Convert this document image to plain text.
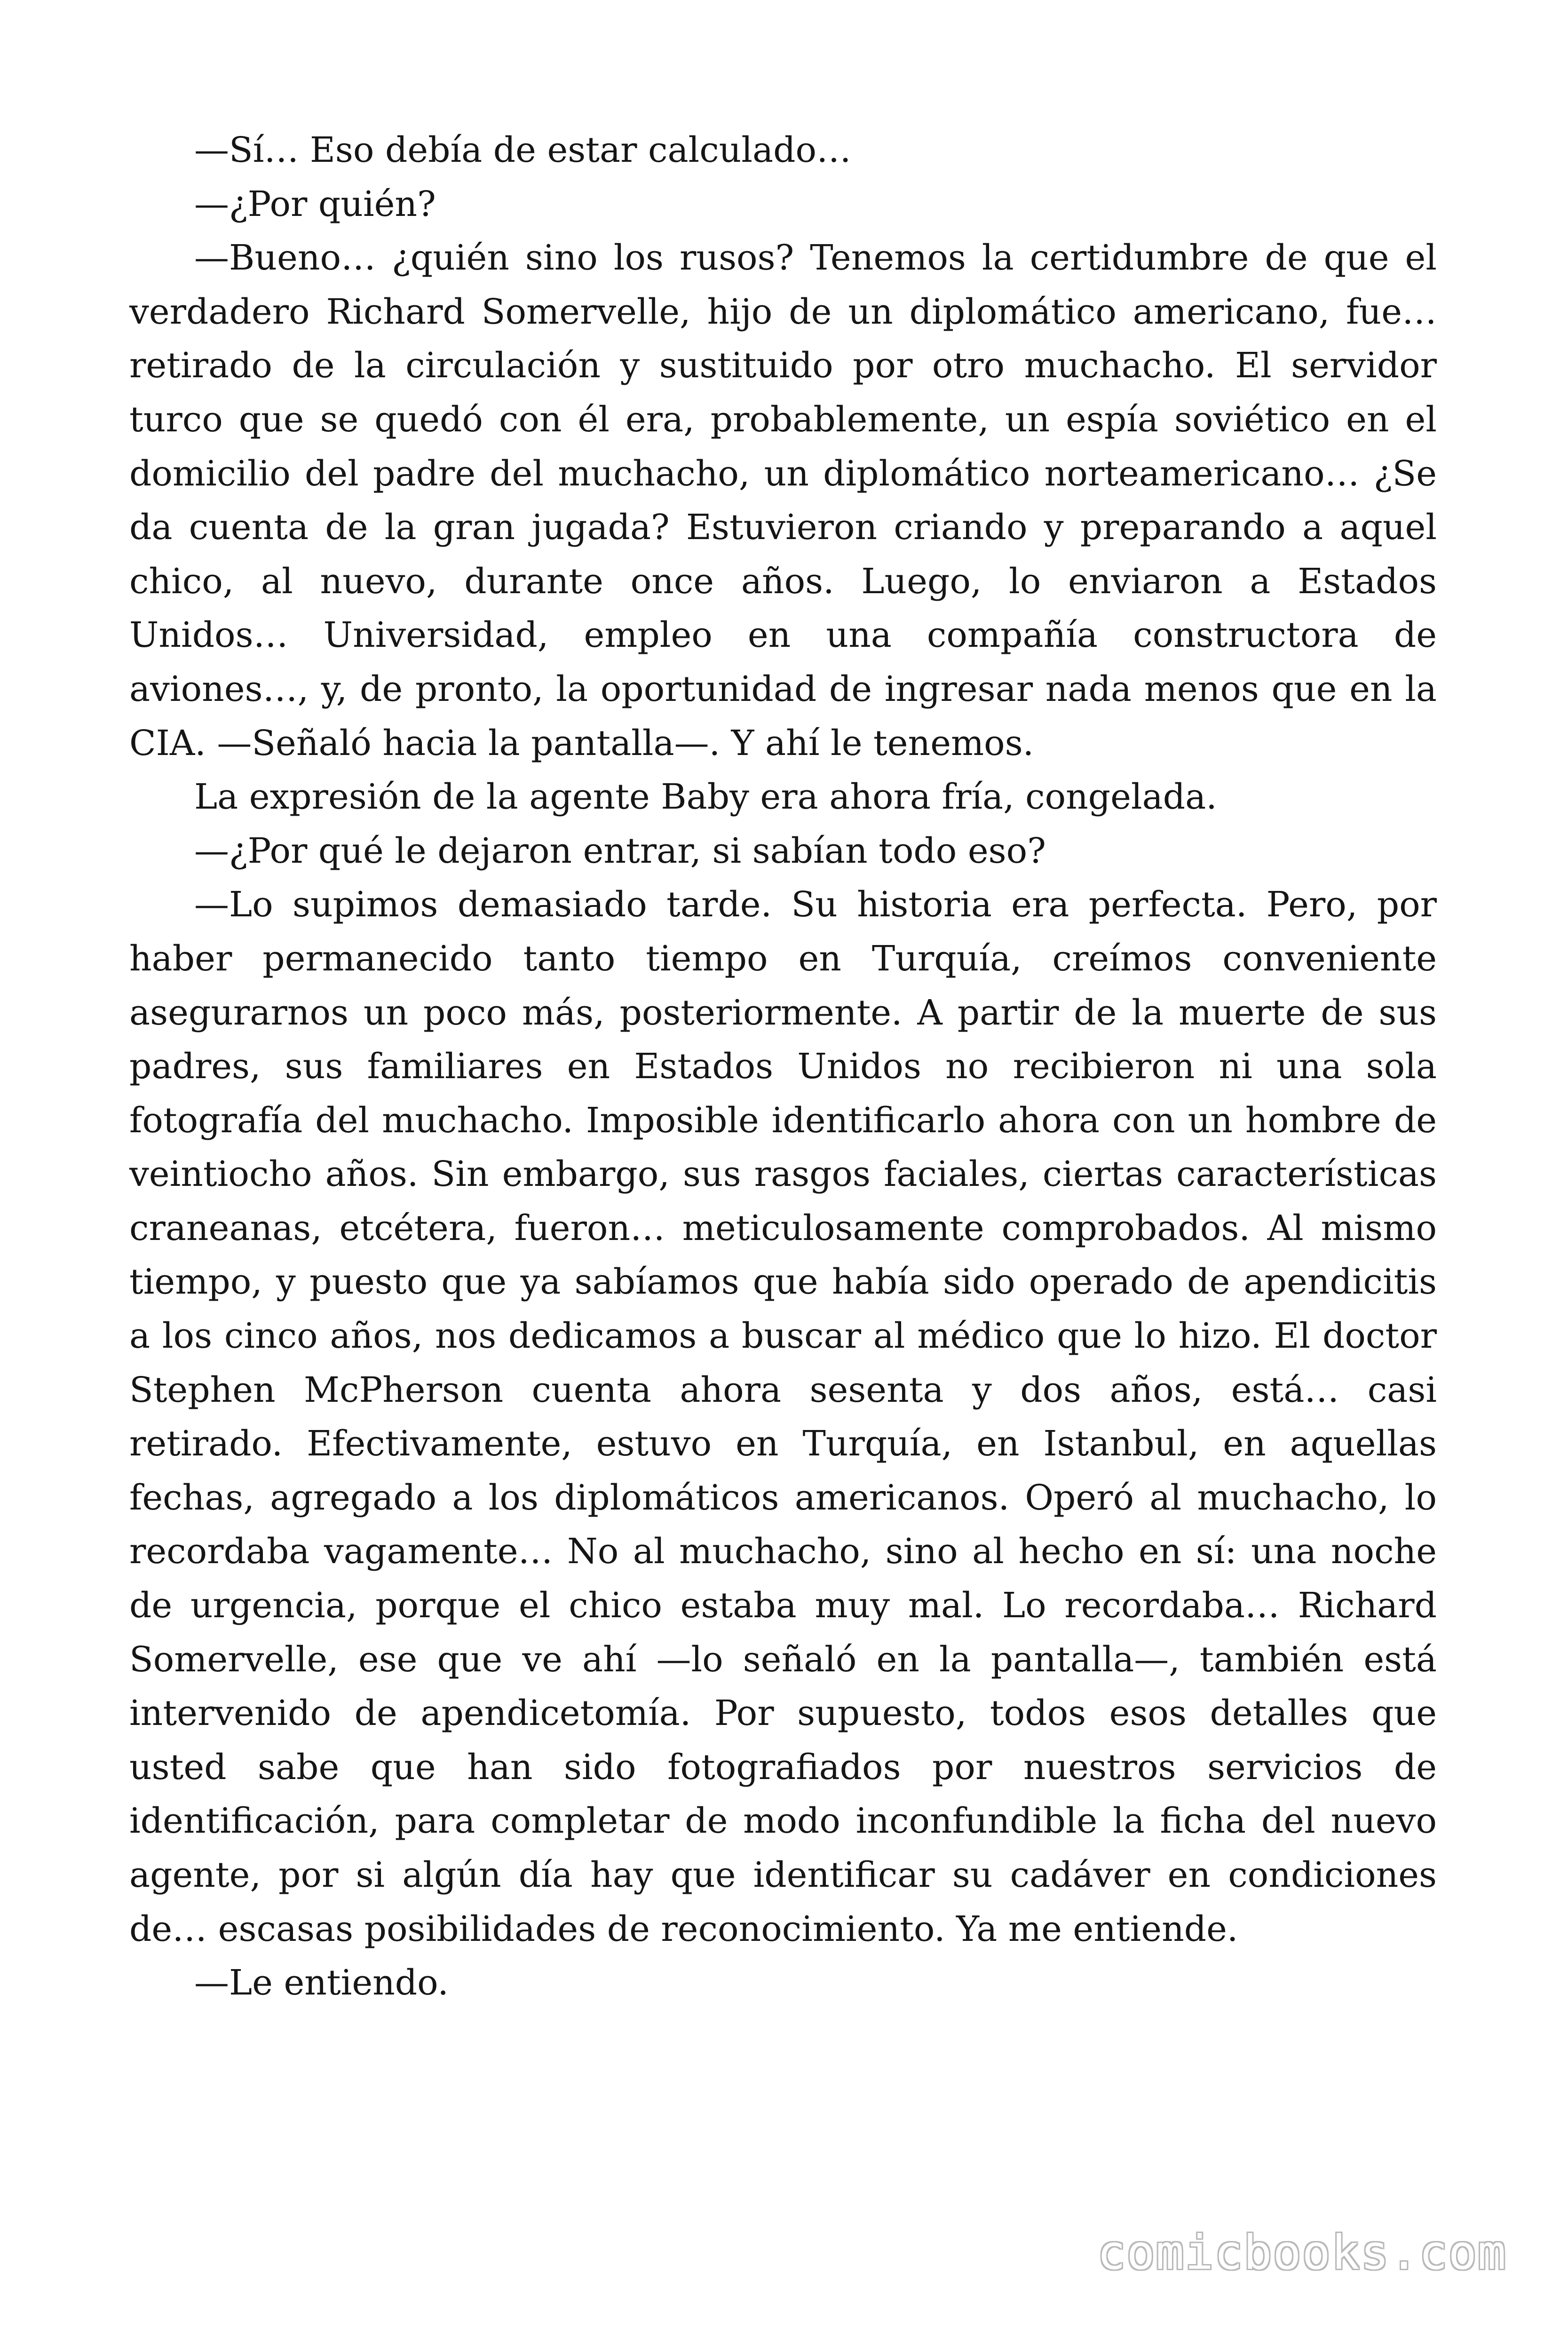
—Sí… Eso debía de estar calculado…

—¿Por quién?

—Bueno… ¿quién sino los rusos? Tenemos la certidumbre de que el verdadero Richard Somervelle, hijo de un diplomático americano, fue… retirado de la circulación y sustituido por otro muchacho. El servidor turco que se quedó con él era, probablemente, un espía soviético en el domicilio del padre del muchacho, un diplomático norteamericano… ¿Se da cuenta de la gran jugada? Estuvieron criando y preparando a aquel chico, al nuevo, durante once años. Luego, lo enviaron a Estados Unidos… Universidad, empleo en una compañía constructora de aviones…, y, de pronto, la oportunidad de ingresar nada menos que en la CIA. —Señaló hacia la pantalla—. Y ahí le tenemos.

La expresión de la agente Baby era ahora fría, congelada.

—¿Por qué le dejaron entrar, si sabían todo eso?

—Lo supimos demasiado tarde. Su historia era perfecta. Pero, por haber permanecido tanto tiempo en Turquía, creímos conveniente asegurarnos un poco más, posteriormente. A partir de la muerte de sus padres, sus familiares en Estados Unidos no recibieron ni una sola fotografía del muchacho. Imposible identificarlo ahora con un hombre de veintiocho años. Sin embargo, sus rasgos faciales, ciertas características craneanas, etcétera, fueron… meticulosamente comprobados. Al mismo tiempo, y puesto que ya sabíamos que había sido operado de apendicitis a los cinco años, nos dedicamos a buscar al médico que lo hizo. El doctor Stephen McPherson cuenta ahora sesenta y dos años, está… casi retirado. Efectivamente, estuvo en Turquía, en Istanbul, en aquellas fechas, agregado a los diplomáticos americanos. Operó al muchacho, lo recordaba vagamente… No al muchacho, sino al hecho en sí: una noche de urgencia, porque el chico estaba muy mal. Lo recordaba… Richard Somervelle, ese que ve ahí —lo señaló en la pantalla—, también está intervenido de apendicetomía. Por supuesto, todos esos detalles que usted sabe que han sido fotografiados por nuestros servicios de identificación, para completar de modo inconfundible la ficha del nuevo agente, por si algún día hay que identificar su cadáver en condiciones de… escasas posibilidades de reconocimiento. Ya me entiende.

—Le entiendo.

comicbooks.com
